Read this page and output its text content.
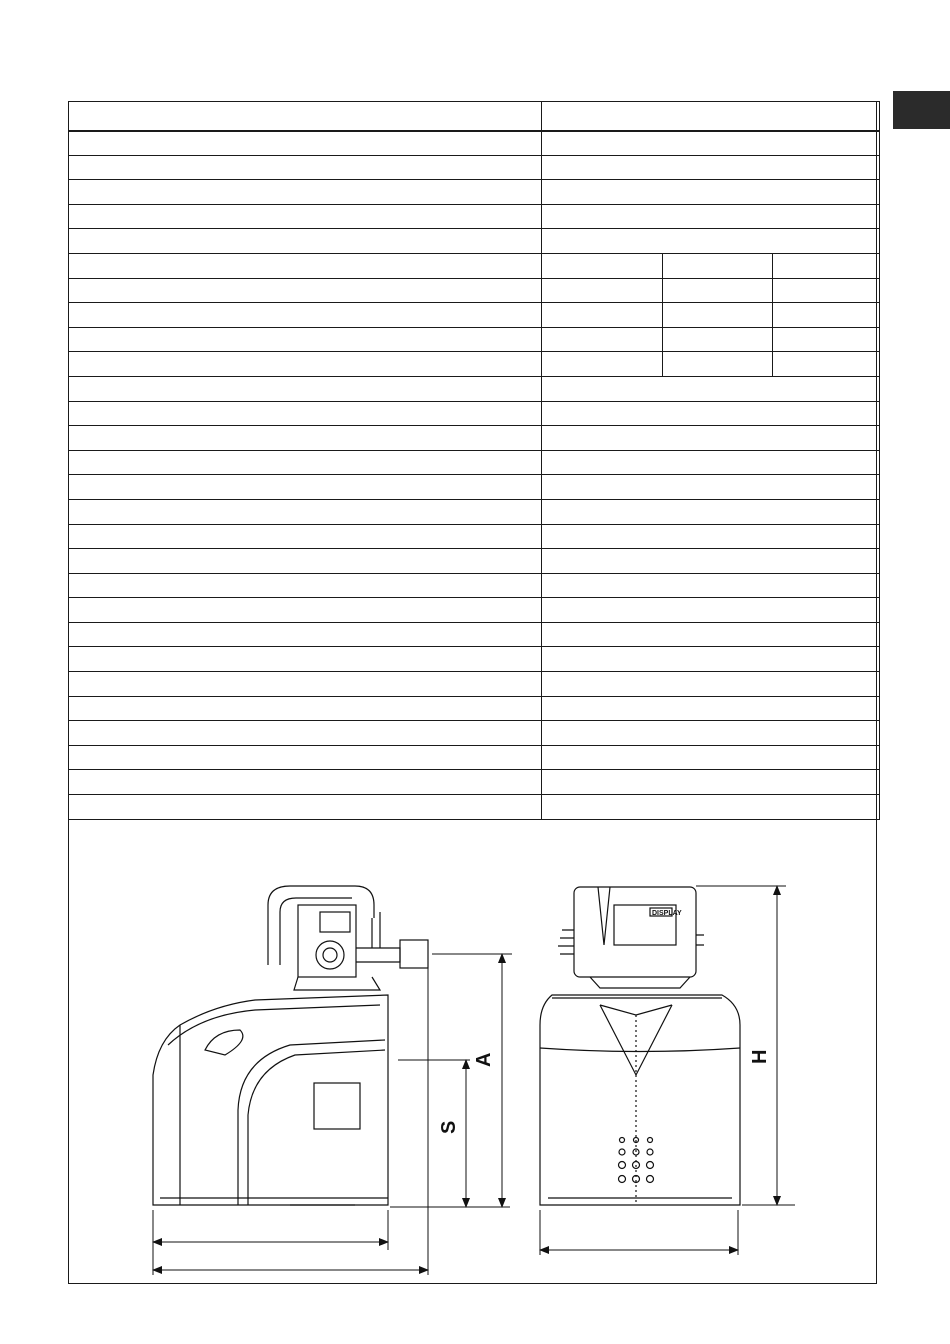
DISPLAY
A
S
H
